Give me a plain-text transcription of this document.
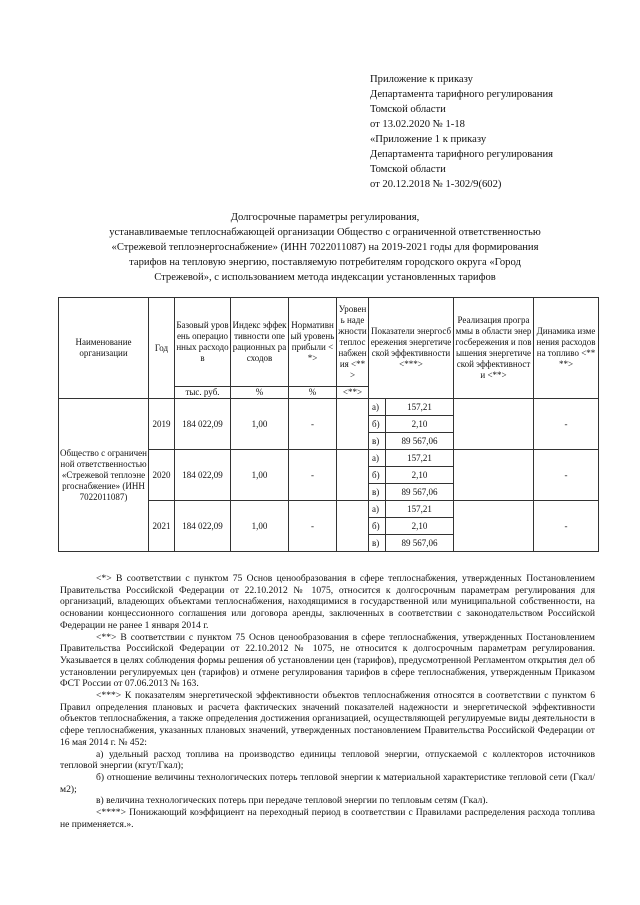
Приложение к приказу
Департамента тарифного регулирования
Томской области
от 13.02.2020 № 1-18
«Приложение 1 к приказу
Департамента тарифного регулирования
Томской области
от 20.12.2018 № 1-302/9(602)
Долгосрочные параметры регулирования,
устанавливаемые теплоснабжающей организации Общество с ограниченной ответственностью
«Стрежевой теплоэнергоснабжение» (ИНН 7022011087) на 2019-2021 годы для формирования
тарифов на тепловую энергию, поставляемую потребителям городского округа «Город
Стрежевой», с использованием метода индексации установленных тарифов
Наименование организации	Год	Базовый уровень операционных расходов	Индекс эффективности операционных расходов	Нормативный уровень прибыли <*>	Уровень надежности теплоснабжения <**>	Показатели энергосбережения энергетической эффективности <***>		Реализация программы в области энергосбережения и повышения энергетической эффективности <**>	Динамика изменения расходов на топливо <****>
		тыс. руб.	%	%	<**>				
Общество с ограниченной ответственностью «Стрежевой теплоэнергоснабжение» (ИНН 7022011087)	2019	184 022,09	1,00	-		а)	157,21		-
						б)	2,10		
						в)	89 567,06		
	2020	184 022,09	1,00	-		а)	157,21		-
						б)	2,10		
						в)	89 567,06		
	2021	184 022,09	1,00	-		а)	157,21		-
						б)	2,10		
						в)	89 567,06		

<*> В соответствии с пунктом 75 Основ ценообразования в сфере теплоснабжения, утвержденных Постановлением Правительства Российской Федерации от 22.10.2012 № 1075, относится к долгосрочным параметрам регулирования для организаций, владеющих объектами теплоснабжения, находящимися в государственной или муниципальной собственности, на основании концессионного соглашения или договора аренды, заключенных в соответствии с законодательством Российской Федерации не ранее 1 января 2014 г.

<**> В соответствии с пунктом 75 Основ ценообразования в сфере теплоснабжения, утвержденных Постановлением Правительства Российской Федерации от 22.10.2012 № 1075, не относится к долгосрочным параметрам регулирования. Указывается в целях соблюдения формы решения об установлении цен (тарифов), предусмотренной Регламентом открытия дел об установлении регулируемых цен (тарифов) и отмене регулирования тарифов в сфере теплоснабжения, утвержденным Приказом ФСТ России от 07.06.2013 № 163.

<***> К показателям энергетической эффективности объектов теплоснабжения относятся в соответствии с пунктом 6 Правил определения плановых и расчета фактических значений показателей надежности и энергетической эффективности объектов теплоснабжения, а также определения достижения организацией, осуществляющей регулируемые виды деятельности в сфере теплоснабжения, указанных плановых значений, утвержденных постановлением Правительства Российской Федерации от 16 мая 2014 г. № 452:

а) удельный расход топлива на производство единицы тепловой энергии, отпускаемой с коллекторов источников тепловой энергии (кгут/Гкал);

б) отношение величины технологических потерь тепловой энергии к материальной характеристике тепловой сети (Гкал/м2);

в) величина технологических потерь при передаче тепловой энергии по тепловым сетям (Гкал).

<****> Понижающий коэффициент на переходный период в соответствии с Правилами распределения расхода топлива не применяется.».
